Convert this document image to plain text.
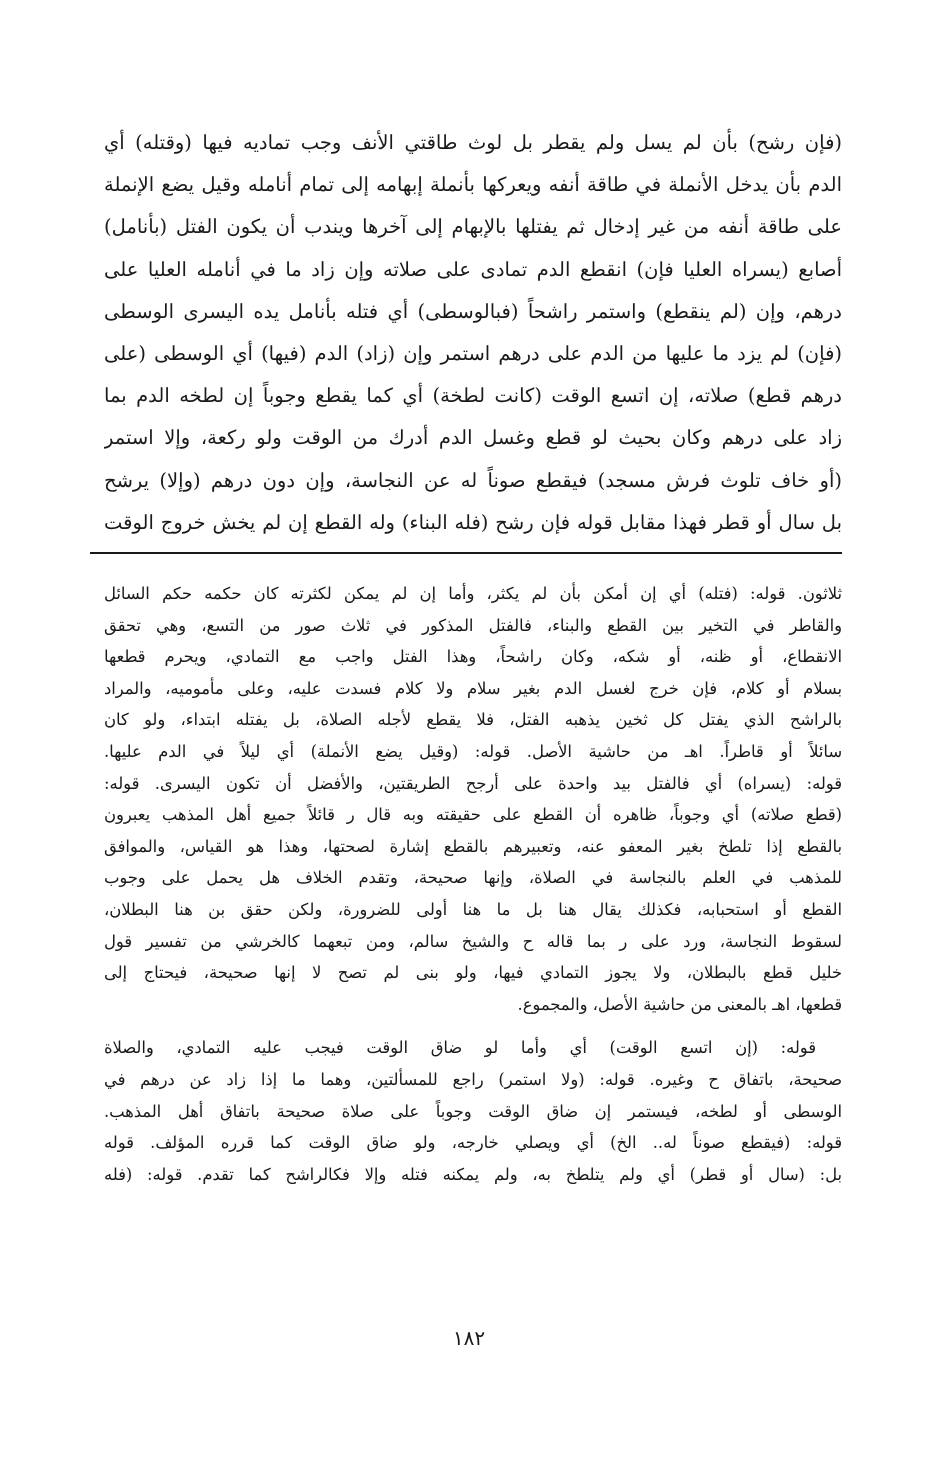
(فإن رشح) بأن لم يسل ولم يقطر بل لوث طاقتي الأنف وجب تماديه فيها (وقتله) أي
الدم بأن يدخل الأنملة في طاقة أنفه ويعركها بأنملة إبهامه إلى تمام أنامله وقيل يضع الإنملة
على طاقة أنفه من غير إدخال ثم يفتلها بالإبهام إلى آخرها ويندب أن يكون الفتل (بأنامل)
أصابع (يسراه العليا فإن) انقطع الدم تمادى على صلاته وإن زاد ما في أنامله العليا على
درهم، وإن (لم ينقطع) واستمر راشحاً (فبالوسطى) أي فتله بأنامل يده اليسرى الوسطى
(فإن) لم يزد ما عليها من الدم على درهم استمر وإن (زاد) الدم (فيها) أي الوسطى (على
درهم قطع) صلاته، إن اتسع الوقت (كانت لطخة) أي كما يقطع وجوباً إن لطخه الدم بما
زاد على درهم وكان بحيث لو قطع وغسل الدم أدرك من الوقت ولو ركعة، وإلا استمر
(أو خاف تلوث فرش مسجد) فيقطع صوناً له عن النجاسة، وإن دون درهم (وإلا) يرشح
بل سال أو قطر فهذا مقابل قوله فإن رشح (فله البناء) وله القطع إن لم يخش خروج الوقت
ثلاثون. قوله: (فتله) أي إن أمكن بأن لم يكثر، وأما إن لم يمكن لكثرته كان حكمه حكم السائل
والقاطر في التخير بين القطع والبناء، فالفتل المذكور في ثلاث صور من التسع، وهي تحقق
الانقطاع، أو ظنه، أو شكه، وكان راشحاً، وهذا الفتل واجب مع التمادي، ويحرم قطعها
بسلام أو كلام، فإن خرج لغسل الدم بغير سلام ولا كلام فسدت عليه، وعلى مأموميه، والمراد
بالراشح الذي يفتل كل ثخين يذهبه الفتل، فلا يقطع لأجله الصلاة، بل يفتله ابتداء، ولو كان
سائلاً أو قاطراً. اهـ من حاشية الأصل. قوله: (وقيل يضع الأنملة) أي ليلاً في الدم عليها.
قوله: (يسراه) أي فالفتل بيد واحدة على أرجح الطريقتين، والأفضل أن تكون اليسرى. قوله:
(قطع صلاته) أي وجوباً، ظاهره أن القطع على حقيقته وبه قال ر قائلاً جميع أهل المذهب يعبرون
بالقطع إذا تلطخ بغير المعفو عنه، وتعبيرهم بالقطع إشارة لصحتها، وهذا هو القياس، والموافق
للمذهب في العلم بالنجاسة في الصلاة، وإنها صحيحة، وتقدم الخلاف هل يحمل على وجوب
القطع أو استحبابه، فكذلك يقال هنا بل ما هنا أولى للضرورة، ولكن حقق بن هنا البطلان،
لسقوط النجاسة، ورد على ر بما قاله ح والشيخ سالم، ومن تبعهما كالخرشي من تفسير قول
خليل قطع بالبطلان، ولا يجوز التمادي فيها، ولو بنى لم تصح لا إنها صحيحة، فيحتاج إلى
قطعها، اهـ بالمعنى من حاشية الأصل، والمجموع.
قوله: (إن اتسع الوقت) أي وأما لو ضاق الوقت فيجب عليه التمادي، والصلاة
صحيحة، باتفاق ح وغيره. قوله: (ولا استمر) راجع للمسألتين، وهما ما إذا زاد عن درهم في
الوسطى أو لطخه، فيستمر إن ضاق الوقت وجوباً على صلاة صحيحة باتفاق أهل المذهب.
قوله: (فيقطع صوناً له.. الخ) أي ويصلي خارجه، ولو ضاق الوقت كما قرره المؤلف. قوله
بل: (سال أو قطر) أي ولم يتلطخ به، ولم يمكنه فتله وإلا فكالراشح كما تقدم. قوله: (فله
١٨٢
